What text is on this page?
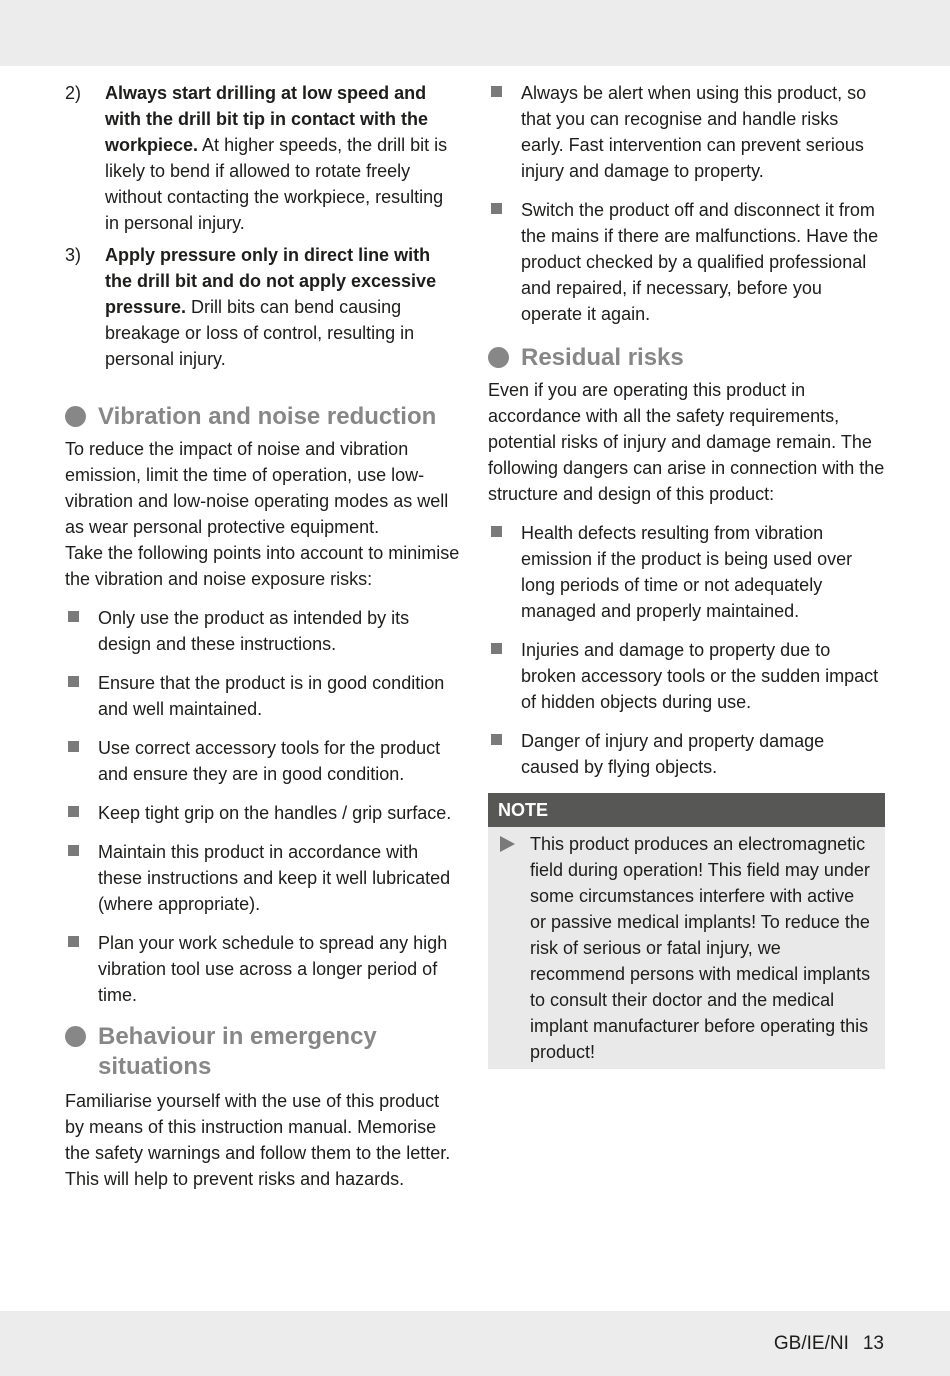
2)	Always start drilling at low speed and with the drill bit tip in contact with the workpiece. At higher speeds, the drill bit is likely to bend if allowed to rotate freely without contacting the workpiece, resulting in personal injury.
3)	Apply pressure only in direct line with the drill bit and do not apply excessive pressure. Drill bits can bend causing breakage or loss of control, resulting in personal injury.
Vibration and noise reduction

To reduce the impact of noise and vibration emission, limit the time of operation, use low-vibration and low-noise operating modes as well as wear personal protective equipment.

Take the following points into account to minimise the vibration and noise exposure risks:

Only use the product as intended by its design and these instructions.
Ensure that the product is in good condition and well maintained.
Use correct accessory tools for the product and ensure they are in good condition.
Keep tight grip on the handles / grip surface.
Maintain this product in accordance with these instructions and keep it well lubricated (where appropriate).
Plan your work schedule to spread any high vibration tool use across a longer period of time.
Behaviour in emergency situations

Familiarise yourself with the use of this product by means of this instruction manual. Memorise the safety warnings and follow them to the letter. This will help to prevent risks and hazards.

Always be alert when using this product, so that you can recognise and handle risks early. Fast intervention can prevent serious injury and damage to property.
Switch the product off and disconnect it from the mains if there are malfunctions. Have the product checked by a qualified professional and repaired, if necessary, before you operate it again.
Residual risks

Even if you are operating this product in accordance with all the safety requirements, potential risks of injury and damage remain. The following dangers can arise in connection with the structure and design of this product:

Health defects resulting from vibration emission if the product is being used over long periods of time or not adequately managed and properly maintained.
Injuries and damage to property due to broken accessory tools or the sudden impact of hidden objects during use.
Danger of injury and property damage caused by flying objects.
NOTE

This product produces an electromagnetic field during operation! This field may under some circumstances interfere with active or passive medical implants! To reduce the risk of serious or fatal injury, we recommend persons with medical implants to consult their doctor and the medical implant manufacturer before operating this product!

GB/IE/NI 13
